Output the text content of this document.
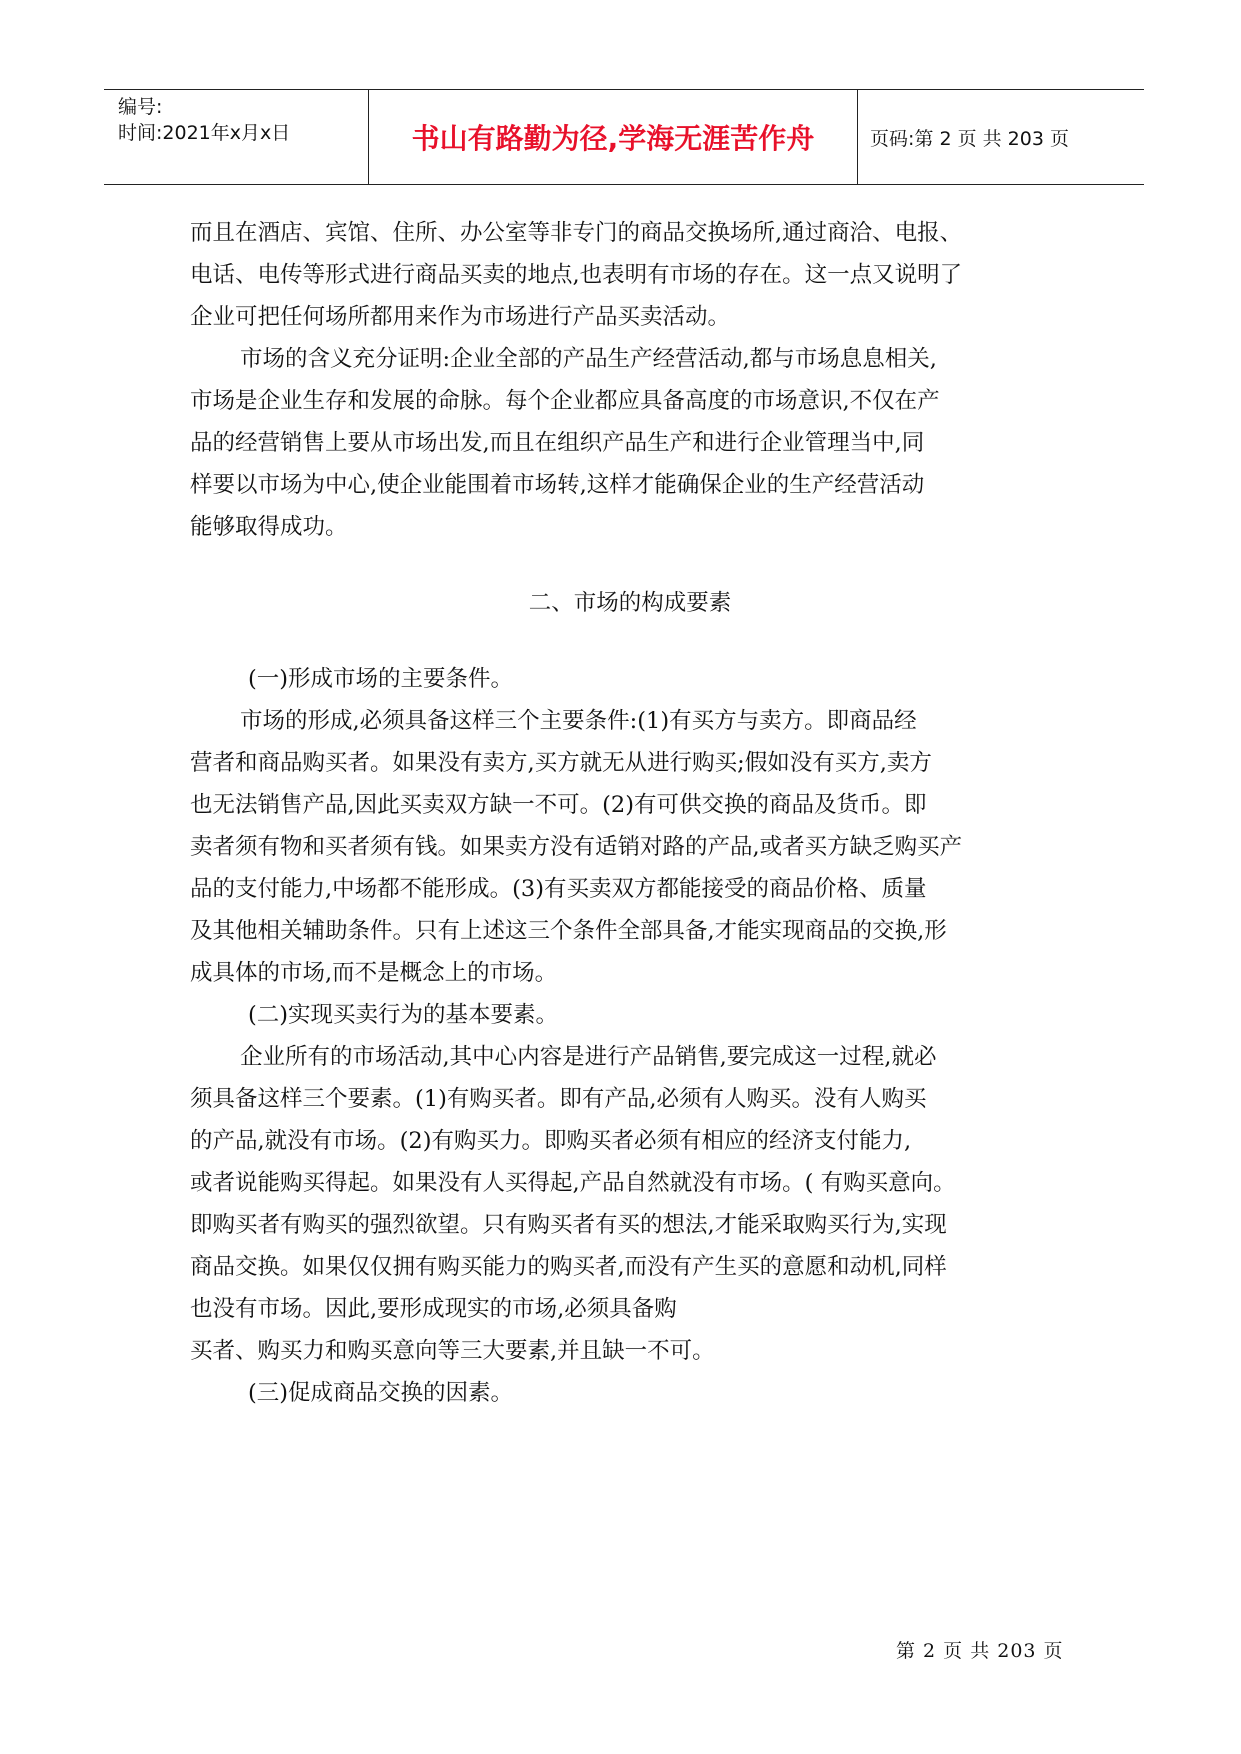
编号:
时间:2021年x月x日	书山有路勤为径,学海无涯苦作舟	页码:第 2 页 共 203 页
而且在酒店、宾馆、住所、办公室等非专门的商品交换场所,通过商洽、电报、
电话、电传等形式进行商品买卖的地点,也表明有市场的存在。这一点又说明了
企业可把任何场所都用来作为市场进行产品买卖活动。
市场的含义充分证明:企业全部的产品生产经营活动,都与市场息息相关,
市场是企业生存和发展的命脉。每个企业都应具备高度的市场意识,不仅在产
品的经营销售上要从市场出发,而且在组织产品生产和进行企业管理当中,同
样要以市场为中心,使企业能围着市场转,这样才能确保企业的生产经营活动
能够取得成功。
二、市场的构成要素
(一)形成市场的主要条件。
市场的形成,必须具备这样三个主要条件:(1)有买方与卖方。即商品经
营者和商品购买者。如果没有卖方,买方就无从进行购买;假如没有买方,卖方
也无法销售产品,因此买卖双方缺一不可。(2)有可供交换的商品及货币。即
卖者须有物和买者须有钱。如果卖方没有适销对路的产品,或者买方缺乏购买产
品的支付能力,中场都不能形成。(3)有买卖双方都能接受的商品价格、质量
及其他相关辅助条件。只有上述这三个条件全部具备,才能实现商品的交换,形
成具体的市场,而不是概念上的市场。
(二)实现买卖行为的基本要素。
企业所有的市场活动,其中心内容是进行产品销售,要完成这一过程,就必
须具备这样三个要素。(1)有购买者。即有产品,必须有人购买。没有人购买
的产品,就没有市场。(2)有购买力。即购买者必须有相应的经济支付能力,
或者说能购买得起。如果没有人买得起,产品自然就没有市场。( 有购买意向。
即购买者有购买的强烈欲望。只有购买者有买的想法,才能采取购买行为,实现
商品交换。如果仅仅拥有购买能力的购买者,而没有产生买的意愿和动机,同样
也没有市场。因此,要形成现实的市场,必须具备购
买者、购买力和购买意向等三大要素,并且缺一不可。
(三)促成商品交换的因素。
第 2 页 共 203 页
